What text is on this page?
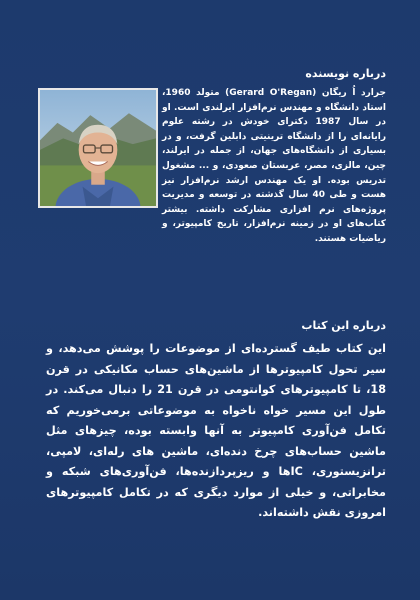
درباره نویسنده

جرارد اُ ریگان (Gerard O'Regan) متولد 1960، استاد دانشگاه و مهندس نرم‌افزار ایرلندی است. او در سال 1987 دکترای خودش در رشته علوم رایانه‌ای را از دانشگاه ترینیتی دابلین گرفت، و در بسیاری از دانشگاه‌های جهان، از جمله در ایرلند، چین، مالزی، مصر، عربستان صعودی، و ... مشغول تدریس بوده. او یک مهندس ارشد نرم‌افزار نیز هست و طی 40 سال گذشته در توسعه و مدیریت پروژه‌های نرم افزاری مشارکت داشته. بیشتر کتاب‌های او در زمینه نرم‌افزار، تاریخ کامپیوتر، و ریاضیات هستند.

درباره این کتاب

این کتاب طیف گسترده‌ای از موضوعات را پوشش می‌دهد، و سیر تحول کامپیوترها از ماشین‌های حساب مکانیکی در قرن 18، تا کامپیوترهای کوانتومی در قرن 21 را دنبال می‌کند. در طول این مسیر خواه ناخواه به موضوعاتی برمی‌خوریم که تکامل فن‌آوری کامپیوتر به آنها وابسته بوده، چیزهای مثل ماشین حساب‌های چرخ دنده‌ای، ماشین های رله‌ای، لامپی، ترانزیستوری، ICها و ریزپردازنده‌ها، فن‌آوری‌های شبکه و مخابراتی، و خیلی از موارد دیگری که در تکامل کامپیوترهای امروزی نقش داشته‌اند.
